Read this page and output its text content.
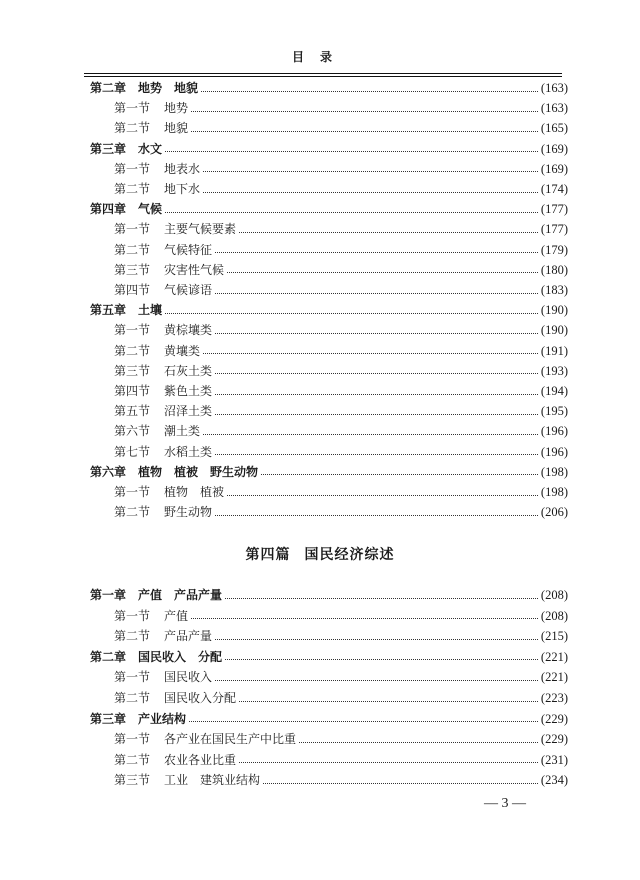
目录
第二章 地势　地貌	(163)
第一节 地势	(163)
第二节 地貌	(165)
第三章 水文	(169)
第一节 地表水	(169)
第二节 地下水	(174)
第四章 气候	(177)
第一节 主要气候要素	(177)
第二节 气候特征	(179)
第三节 灾害性气候	(180)
第四节 气候谚语	(183)
第五章 土壤	(190)
第一节 黄棕壤类	(190)
第二节 黄壤类	(191)
第三节 石灰土类	(193)
第四节 紫色土类	(194)
第五节 沼泽土类	(195)
第六节 潮土类	(196)
第七节 水稻土类	(196)
第六章 植物　植被　野生动物	(198)
第一节 植物　植被	(198)
第二节 野生动物	(206)
第四篇 国民经济综述
第一章 产值　产品产量	(208)
第一节 产值	(208)
第二节 产品产量	(215)
第二章 国民收入　分配	(221)
第一节 国民收入	(221)
第二节 国民收入分配	(223)
第三章 产业结构	(229)
第一节 各产业在国民生产中比重	(229)
第二节 农业各业比重	(231)
第三节 工业　建筑业结构	(234)
— 3 —
